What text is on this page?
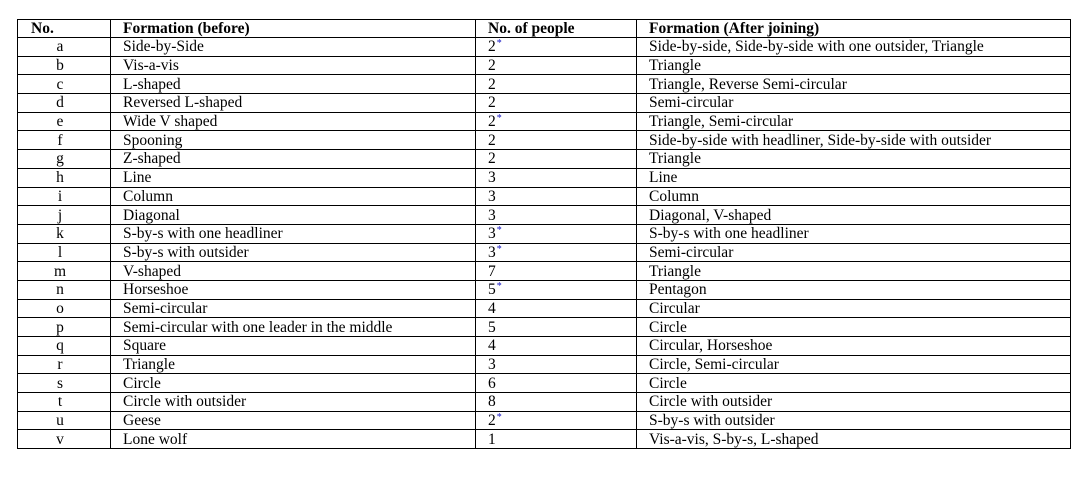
No.	Formation (before)	No. of people	Formation (After joining)
a	Side-by-Side	2*	Side-by-side, Side-by-side with one outsider, Triangle
b	Vis-a-vis	2	Triangle
c	L-shaped	2	Triangle, Reverse Semi-circular
d	Reversed L-shaped	2	Semi-circular
e	Wide V shaped	2*	Triangle, Semi-circular
f	Spooning	2	Side-by-side with headliner, Side-by-side with outsider
g	Z-shaped	2	Triangle
h	Line	3	Line
i	Column	3	Column
j	Diagonal	3	Diagonal, V-shaped
k	S-by-s with one headliner	3*	S-by-s with one headliner
l	S-by-s with outsider	3*	Semi-circular
m	V-shaped	7	Triangle
n	Horseshoe	5*	Pentagon
o	Semi-circular	4	Circular
p	Semi-circular with one leader in the middle	5	Circle
q	Square	4	Circular, Horseshoe
r	Triangle	3	Circle, Semi-circular
s	Circle	6	Circle
t	Circle with outsider	8	Circle with outsider
u	Geese	2*	S-by-s with outsider
v	Lone wolf	1	Vis-a-vis, S-by-s, L-shaped
